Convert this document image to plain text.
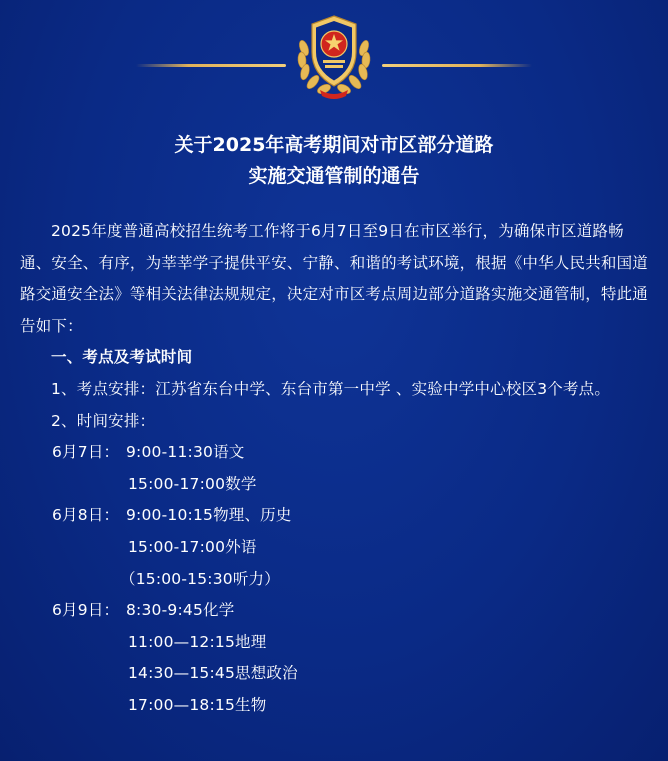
关于2025年高考期间对市区部分道路
实施交通管制的通告

2025年度普通高校招生统考工作将于6月7日至9日在市区举行，为确保市区道路畅通、安全、有序，为莘莘学子提供平安、宁静、和谐的考试环境，根据《中华人民共和国道路交通安全法》等相关法律法规规定，决定对市区考点周边部分道路实施交通管制，特此通告如下：

一、考点及考试时间

1、考点安排：江苏省东台中学、东台市第一中学 、实验中学中心校区3个考点。

2、时间安排：

6月7日： 9:00-11:30语文
15:00-17:00数学
6月8日： 9:00-10:15物理、历史
15:00-17:00外语
（15:00-15:30听力）
6月9日： 8:30-9:45化学
11:00—12:15地理
14:30—15:45思想政治
17:00—18:15生物
